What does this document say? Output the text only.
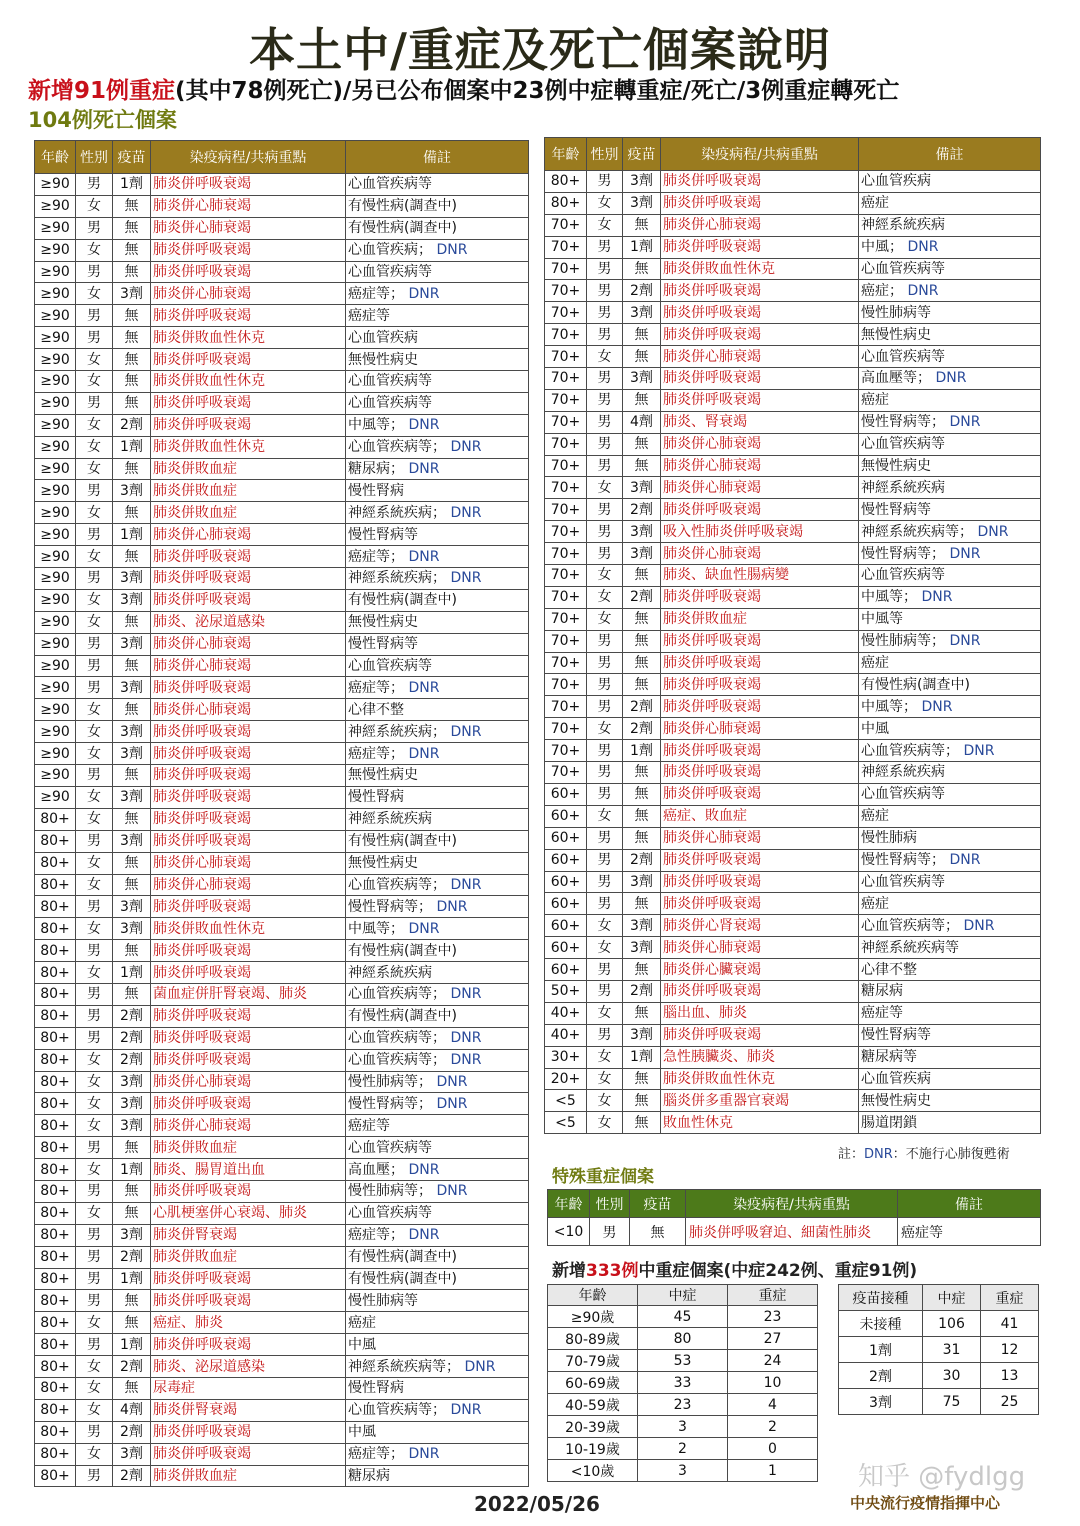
本土中/重症及死亡個案說明
新增91例重症(其中78例死亡)/另已公布個案中23例中症轉重症/死亡/3例重症轉死亡
104例死亡個案
年齡	性別	疫苗	染疫病程/共病重點	備註
≥90	男	1劑	肺炎併呼吸衰竭	心血管疾病等
≥90	女	無	肺炎併心肺衰竭	有慢性病(調查中)
≥90	男	無	肺炎併心肺衰竭	有慢性病(調查中)
≥90	女	無	肺炎併呼吸衰竭	心血管疾病； DNR
≥90	男	無	肺炎併呼吸衰竭	心血管疾病等
≥90	女	3劑	肺炎併心肺衰竭	癌症等； DNR
≥90	男	無	肺炎併呼吸衰竭	癌症等
≥90	男	無	肺炎併敗血性休克	心血管疾病
≥90	女	無	肺炎併呼吸衰竭	無慢性病史
≥90	女	無	肺炎併敗血性休克	心血管疾病等
≥90	男	無	肺炎併呼吸衰竭	心血管疾病等
≥90	女	2劑	肺炎併呼吸衰竭	中風等； DNR
≥90	女	1劑	肺炎併敗血性休克	心血管疾病等； DNR
≥90	女	無	肺炎併敗血症	糖尿病； DNR
≥90	男	3劑	肺炎併敗血症	慢性腎病
≥90	女	無	肺炎併敗血症	神經系統疾病； DNR
≥90	男	1劑	肺炎併心肺衰竭	慢性腎病等
≥90	女	無	肺炎併呼吸衰竭	癌症等； DNR
≥90	男	3劑	肺炎併呼吸衰竭	神經系統疾病； DNR
≥90	女	3劑	肺炎併呼吸衰竭	有慢性病(調查中)
≥90	女	無	肺炎、泌尿道感染	無慢性病史
≥90	男	3劑	肺炎併心肺衰竭	慢性腎病等
≥90	男	無	肺炎併心肺衰竭	心血管疾病等
≥90	男	3劑	肺炎併呼吸衰竭	癌症等； DNR
≥90	女	無	肺炎併心肺衰竭	心律不整
≥90	女	3劑	肺炎併呼吸衰竭	神經系統疾病； DNR
≥90	女	3劑	肺炎併呼吸衰竭	癌症等； DNR
≥90	男	無	肺炎併呼吸衰竭	無慢性病史
≥90	女	3劑	肺炎併呼吸衰竭	慢性腎病
80+	女	無	肺炎併呼吸衰竭	神經系統疾病
80+	男	3劑	肺炎併呼吸衰竭	有慢性病(調查中)
80+	女	無	肺炎併心肺衰竭	無慢性病史
80+	女	無	肺炎併心肺衰竭	心血管疾病等； DNR
80+	男	3劑	肺炎併呼吸衰竭	慢性腎病等； DNR
80+	女	3劑	肺炎併敗血性休克	中風等； DNR
80+	男	無	肺炎併呼吸衰竭	有慢性病(調查中)
80+	女	1劑	肺炎併呼吸衰竭	神經系統疾病
80+	男	無	菌血症併肝腎衰竭、肺炎	心血管疾病等； DNR
80+	男	2劑	肺炎併呼吸衰竭	有慢性病(調查中)
80+	男	2劑	肺炎併呼吸衰竭	心血管疾病等； DNR
80+	女	2劑	肺炎併呼吸衰竭	心血管疾病等； DNR
80+	女	3劑	肺炎併心肺衰竭	慢性肺病等； DNR
80+	女	3劑	肺炎併呼吸衰竭	慢性腎病等； DNR
80+	女	3劑	肺炎併心肺衰竭	癌症等
80+	男	無	肺炎併敗血症	心血管疾病等
80+	女	1劑	肺炎、腸胃道出血	高血壓； DNR
80+	男	無	肺炎併呼吸衰竭	慢性肺病等； DNR
80+	女	無	心肌梗塞併心衰竭、肺炎	心血管疾病等
80+	男	3劑	肺炎併腎衰竭	癌症等； DNR
80+	男	2劑	肺炎併敗血症	有慢性病(調查中)
80+	男	1劑	肺炎併呼吸衰竭	有慢性病(調查中)
80+	男	無	肺炎併呼吸衰竭	慢性肺病等
80+	女	無	癌症、肺炎	癌症
80+	男	1劑	肺炎併呼吸衰竭	中風
80+	女	2劑	肺炎、泌尿道感染	神經系統疾病等； DNR
80+	女	無	尿毒症	慢性腎病
80+	女	4劑	肺炎併腎衰竭	心血管疾病等； DNR
80+	男	2劑	肺炎併呼吸衰竭	中風
80+	女	3劑	肺炎併呼吸衰竭	癌症等； DNR
80+	男	2劑	肺炎併敗血症	糖尿病
年齡	性別	疫苗	染疫病程/共病重點	備註
80+	男	3劑	肺炎併呼吸衰竭	心血管疾病
80+	女	3劑	肺炎併呼吸衰竭	癌症
70+	女	無	肺炎併心肺衰竭	神經系統疾病
70+	男	1劑	肺炎併呼吸衰竭	中風； DNR
70+	男	無	肺炎併敗血性休克	心血管疾病等
70+	男	2劑	肺炎併呼吸衰竭	癌症； DNR
70+	男	3劑	肺炎併呼吸衰竭	慢性肺病等
70+	男	無	肺炎併呼吸衰竭	無慢性病史
70+	女	無	肺炎併心肺衰竭	心血管疾病等
70+	男	3劑	肺炎併呼吸衰竭	高血壓等； DNR
70+	男	無	肺炎併呼吸衰竭	癌症
70+	男	4劑	肺炎、腎衰竭	慢性腎病等； DNR
70+	男	無	肺炎併心肺衰竭	心血管疾病等
70+	男	無	肺炎併心肺衰竭	無慢性病史
70+	女	3劑	肺炎併心肺衰竭	神經系統疾病
70+	男	2劑	肺炎併呼吸衰竭	慢性腎病等
70+	男	3劑	吸入性肺炎併呼吸衰竭	神經系統疾病等； DNR
70+	男	3劑	肺炎併心肺衰竭	慢性腎病等； DNR
70+	女	無	肺炎、缺血性腸病變	心血管疾病等
70+	女	2劑	肺炎併呼吸衰竭	中風等； DNR
70+	女	無	肺炎併敗血症	中風等
70+	男	無	肺炎併呼吸衰竭	慢性肺病等； DNR
70+	男	無	肺炎併呼吸衰竭	癌症
70+	男	無	肺炎併呼吸衰竭	有慢性病(調查中)
70+	男	2劑	肺炎併呼吸衰竭	中風等； DNR
70+	女	2劑	肺炎併心肺衰竭	中風
70+	男	1劑	肺炎併呼吸衰竭	心血管疾病等； DNR
70+	男	無	肺炎併呼吸衰竭	神經系統疾病
60+	男	無	肺炎併呼吸衰竭	心血管疾病等
60+	女	無	癌症、敗血症	癌症
60+	男	無	肺炎併心肺衰竭	慢性肺病
60+	男	2劑	肺炎併呼吸衰竭	慢性腎病等； DNR
60+	男	3劑	肺炎併呼吸衰竭	心血管疾病等
60+	男	無	肺炎併呼吸衰竭	癌症
60+	女	3劑	肺炎併心肾衰竭	心血管疾病等； DNR
60+	女	3劑	肺炎併心肺衰竭	神經系統疾病等
60+	男	無	肺炎併心臟衰竭	心律不整
50+	男	2劑	肺炎併呼吸衰竭	糖尿病
40+	女	無	腦出血、肺炎	癌症等
40+	男	3劑	肺炎併呼吸衰竭	慢性腎病等
30+	女	1劑	急性胰臟炎、肺炎	糖尿病等
20+	女	無	肺炎併敗血性休克	心血管疾病
<5	女	無	腦炎併多重器官衰竭	無慢性病史
<5	女	無	敗血性休克	腸道閉鎖
註：DNR：不施行心肺復甦術
特殊重症個案
年齡	性別	疫苗	染疫病程/共病重點	備註
<10	男	無	肺炎併呼吸窘迫、細菌性肺炎	癌症等
新增333例中重症個案(中症242例、重症91例)
年齡	中症	重症
≥90歲	45	23
80-89歲	80	27
70-79歲	53	24
60-69歲	33	10
40-59歲	23	4
20-39歲	3	2
10-19歲	2	0
<10歲	3	1
疫苗接種	中症	重症
未接種	106	41
1劑	31	12
2劑	30	13
3劑	75	25
2022/05/26
知乎 @fydlgg
中央流行疫情指揮中心
